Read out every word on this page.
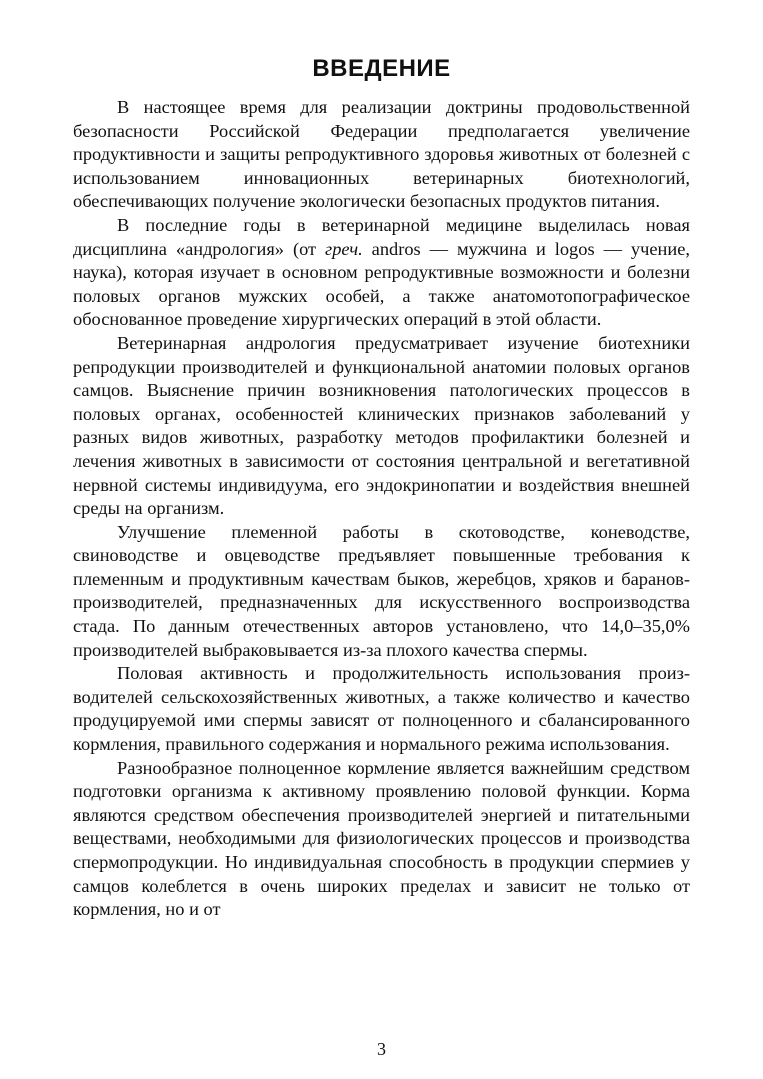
ВВЕДЕНИЕ

В настоящее время для реализации доктрины продовольственной безопасности Российской Федерации предполагается увеличение продуктивности и защиты репродуктивного здоровья животных от болезней с использованием инновационных ветеринарных биотехнологий, обеспечивающих получение экологически безопасных продуктов питания.

В последние годы в ветеринарной медицине выделилась новая дисциплина «андрология» (от греч. andros — мужчина и logos — учение, наука), которая изучает в основном репродуктивные возможности и болезни половых органов мужских особей, а также анатомотопографическое обоснованное проведение хирургических операций в этой области.

Ветеринарная андрология предусматривает изучение биотехники репродукции производителей и функциональной анатомии половых органов самцов. Выяснение причин возникновения патологических процессов в половых органах, особенностей клинических признаков заболеваний у разных видов животных, разработку методов профилактики болезней и лечения животных в зависимости от состояния центральной и вегетативной нервной системы индивидуума, его эндокринопатии и воздействия внешней среды на организм.

Улучшение племенной работы в скотоводстве, коневодстве, свиноводстве и овцеводстве предъявляет повышенные требования к племенным и продуктивным качествам быков, жеребцов, хряков и баранов-производителей, предназначенных для искусственного воспроизводства стада. По данным отечественных авторов установлено, что 14,0–35,0% производителей выбраковывается из-за плохого качества спермы.

Половая активность и продолжительность использования производителей сельскохозяйственных животных, а также количество и качество продуцируемой ими спермы зависят от полноценного и сбалансированного кормления, правильного содержания и нормального режима использования.

Разнообразное полноценное кормление является важнейшим средством подготовки организма к активному проявлению половой функции. Корма являются средством обеспечения производителей энергией и питательными веществами, необходимыми для физиологических процессов и производства спермопродукции. Но индивидуальная способность в продукции спермиев у самцов колеблется в очень широких пределах и зависит не только от кормления, но и от

3
